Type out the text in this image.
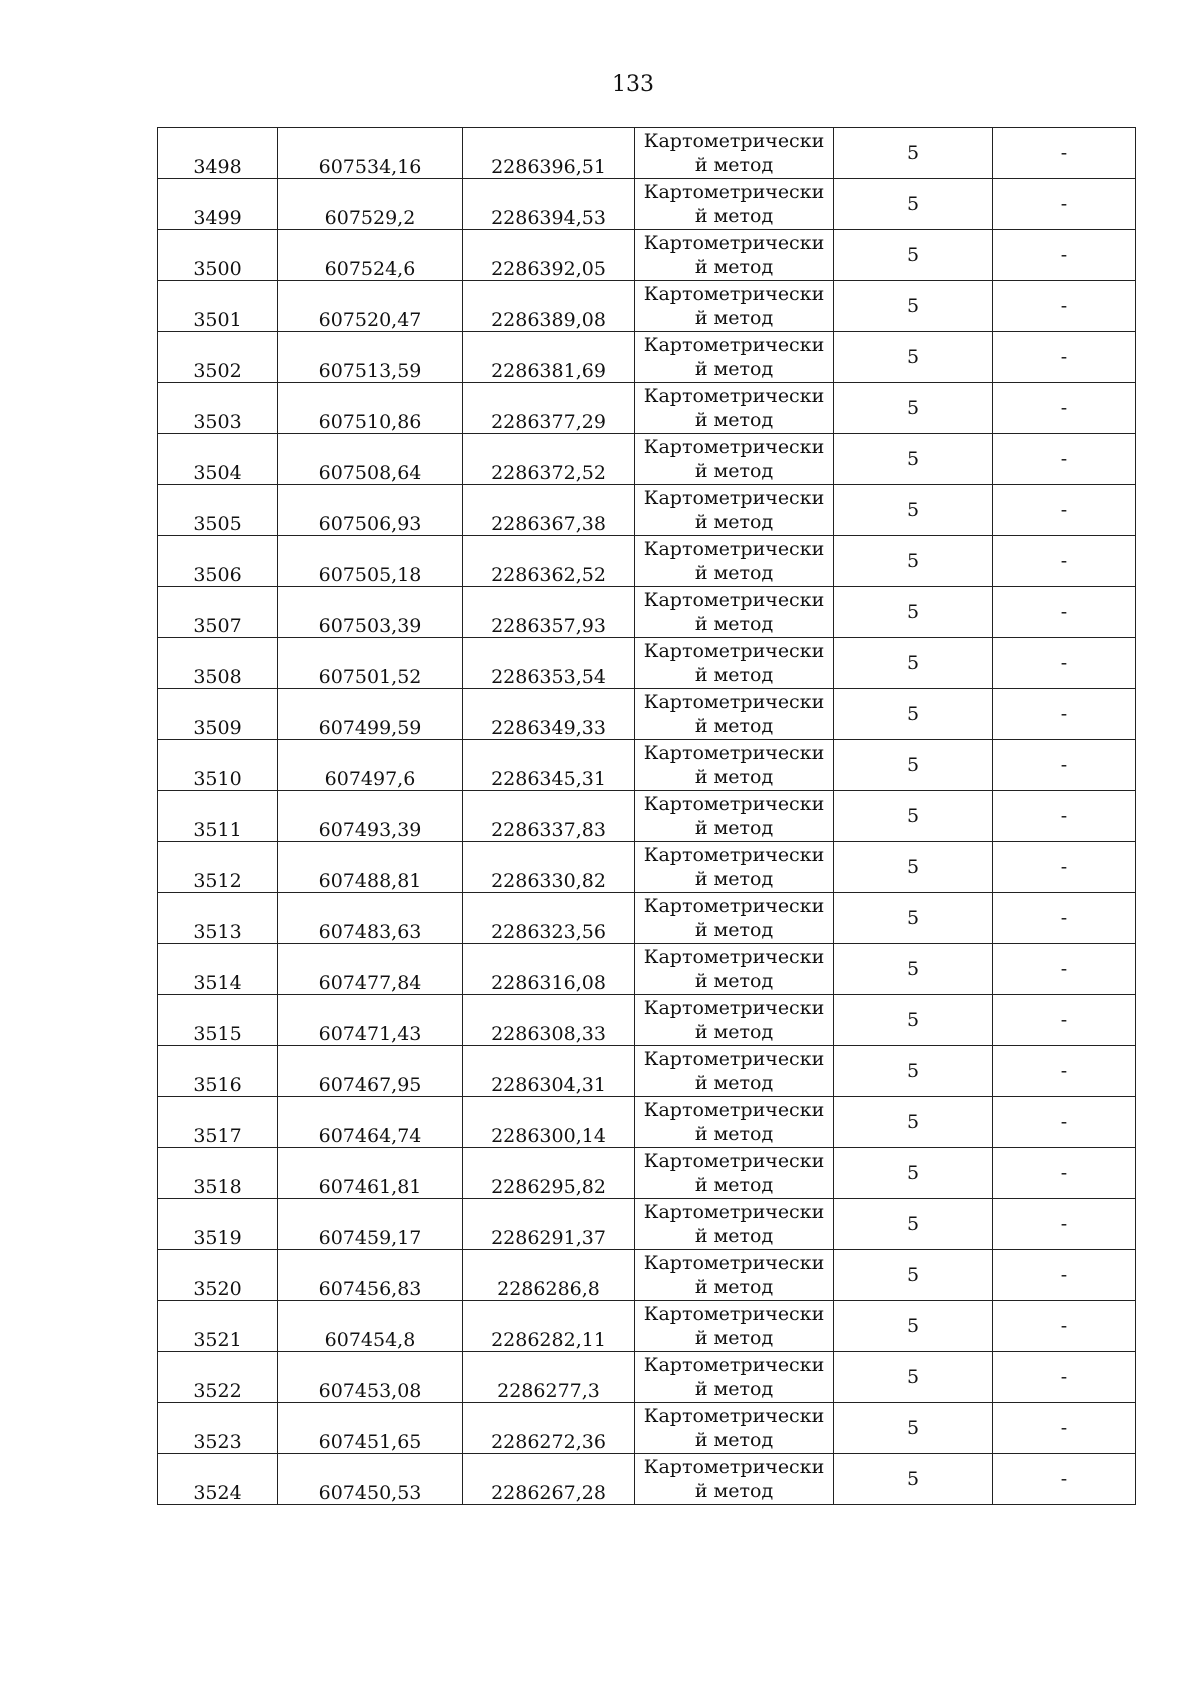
133
3498	607534,16	2286396,51	Картометрически й метод	5	-
3499	607529,2	2286394,53	Картометрически й метод	5	-
3500	607524,6	2286392,05	Картометрически й метод	5	-
3501	607520,47	2286389,08	Картометрически й метод	5	-
3502	607513,59	2286381,69	Картометрически й метод	5	-
3503	607510,86	2286377,29	Картометрически й метод	5	-
3504	607508,64	2286372,52	Картометрически й метод	5	-
3505	607506,93	2286367,38	Картометрически й метод	5	-
3506	607505,18	2286362,52	Картометрически й метод	5	-
3507	607503,39	2286357,93	Картометрически й метод	5	-
3508	607501,52	2286353,54	Картометрически й метод	5	-
3509	607499,59	2286349,33	Картометрически й метод	5	-
3510	607497,6	2286345,31	Картометрически й метод	5	-
3511	607493,39	2286337,83	Картометрически й метод	5	-
3512	607488,81	2286330,82	Картометрически й метод	5	-
3513	607483,63	2286323,56	Картометрически й метод	5	-
3514	607477,84	2286316,08	Картометрически й метод	5	-
3515	607471,43	2286308,33	Картометрически й метод	5	-
3516	607467,95	2286304,31	Картометрически й метод	5	-
3517	607464,74	2286300,14	Картометрически й метод	5	-
3518	607461,81	2286295,82	Картометрически й метод	5	-
3519	607459,17	2286291,37	Картометрически й метод	5	-
3520	607456,83	2286286,8	Картометрически й метод	5	-
3521	607454,8	2286282,11	Картометрически й метод	5	-
3522	607453,08	2286277,3	Картометрически й метод	5	-
3523	607451,65	2286272,36	Картометрически й метод	5	-
3524	607450,53	2286267,28	Картометрически й метод	5	-
